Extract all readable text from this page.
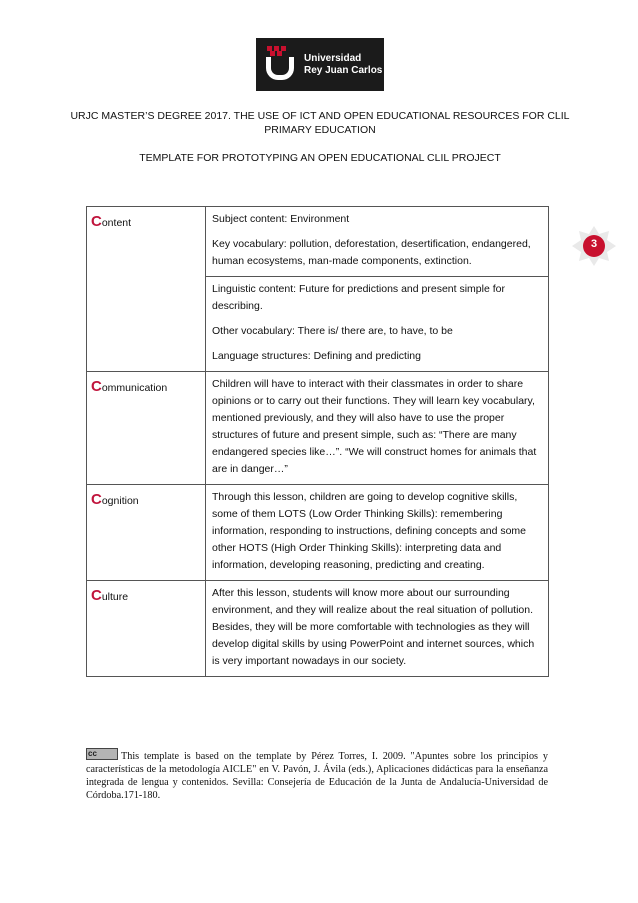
Universidad
Rey Juan Carlos
URJC MASTER’S DEGREE 2017. THE USE OF ICT AND OPEN EDUCATIONAL RESOURCES FOR CLIL
PRIMARY EDUCATION
TEMPLATE FOR PROTOTYPING AN OPEN EDUCATIONAL CLIL PROJECT
3
Content	Subject content: Environment

Key vocabulary: pollution, deforestation, desertification, endangered, human ecosystems, man-made components, extinction.

	Linguistic content: Future for predictions and present simple for describing.

Other vocabulary: There is/ there are, to have, to be

Language structures: Defining and predicting

Communication	Children will have to interact with their classmates in order to share opinions or to carry out their functions. They will learn key vocabulary, mentioned previously, and they will also have to use the proper structures of future and present simple, such as: “There are many endangered species like…”. “We will construct homes for animals that are in danger…”

Cognition	Through this lesson, children are going to develop cognitive skills, some of them LOTS (Low Order Thinking Skills): remembering information, responding to instructions, defining concepts and some other HOTS (High Order Thinking Skills): interpreting data and information, developing reasoning, predicting and creating.

Culture	After this lesson, students will know more about our surrounding environment, and they will realize about the real situation of pollution. Besides, they will be more comfortable with technologies as they will develop digital skills by using PowerPoint and internet sources, which is very important nowadays in our society.

ccThis template is based on the template by Pérez Torres, I. 2009. "Apuntes sobre los principios y características de la metodología AICLE" en V. Pavón, J. Ávila (eds.), Aplicaciones didácticas para la enseñanza integrada de lengua y contenidos. Sevilla: Consejería de Educación de la Junta de Andalucía-Universidad de Córdoba.171-180.
